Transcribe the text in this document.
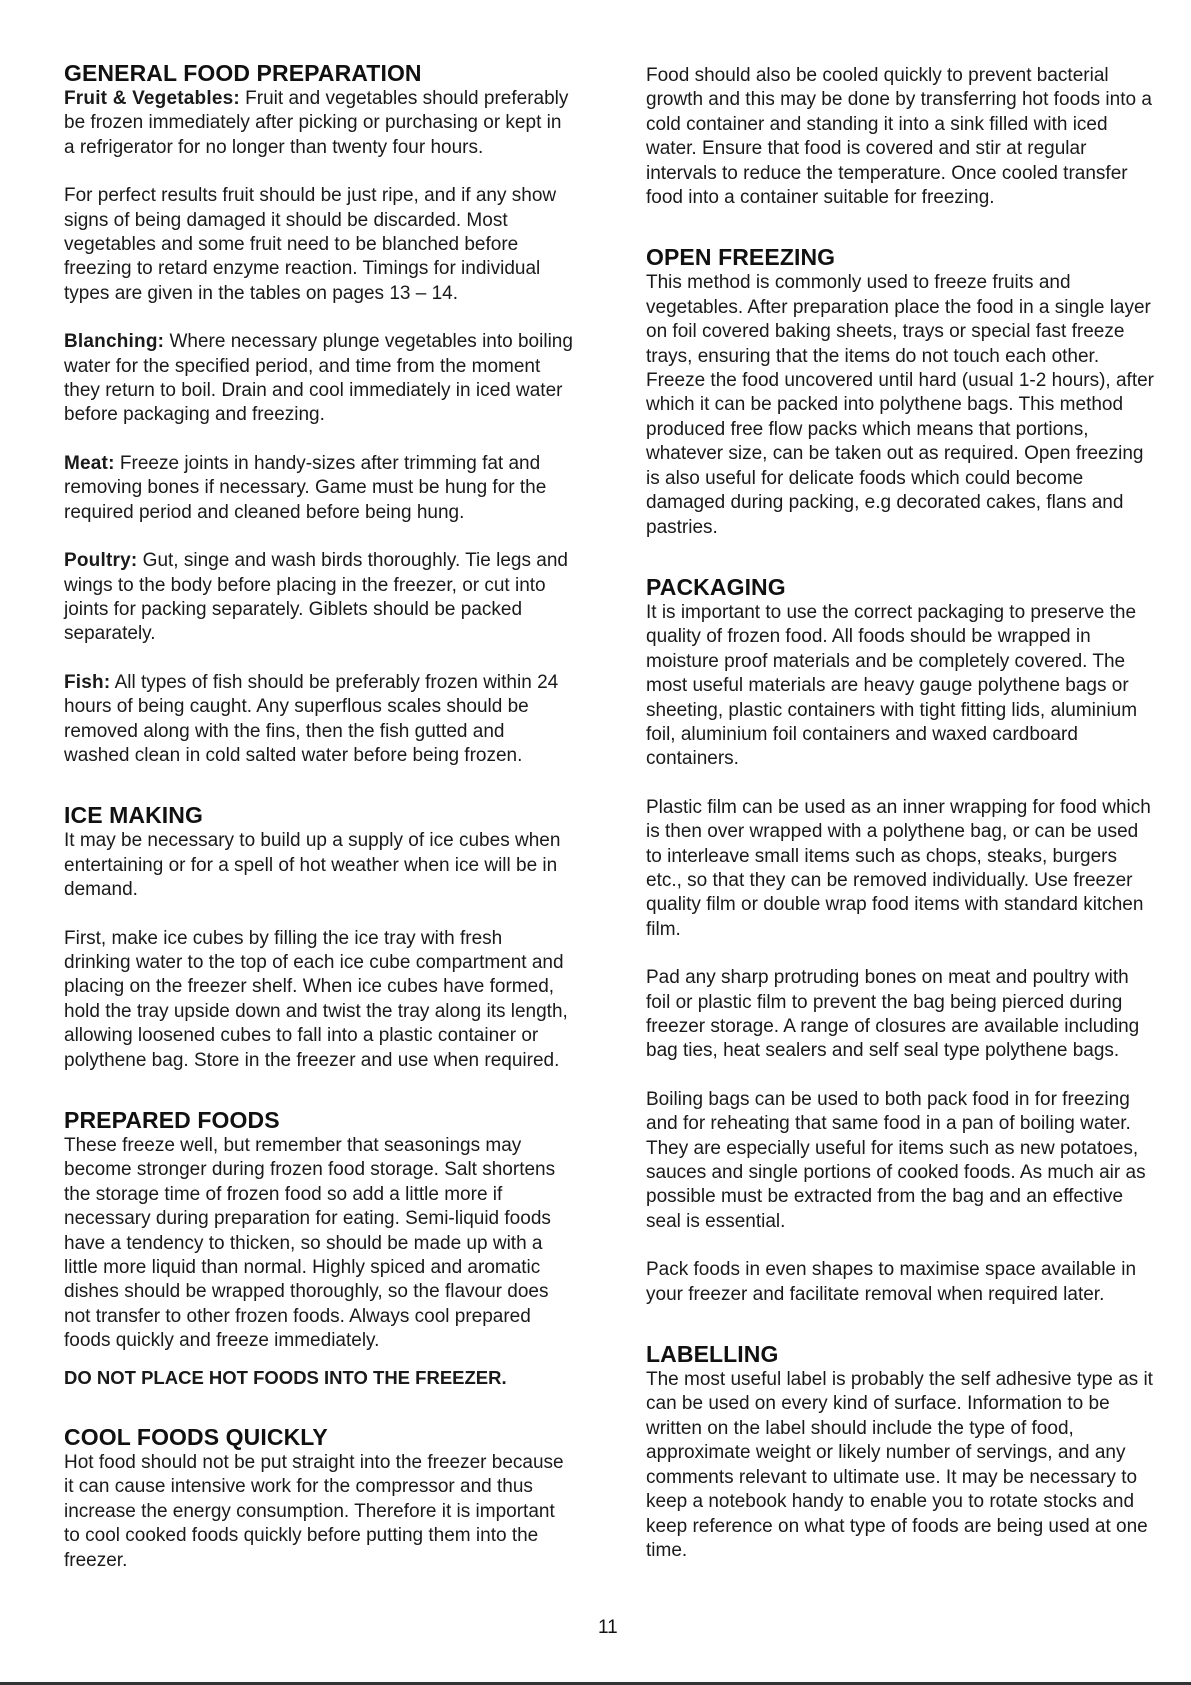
GENERAL FOOD PREPARATION

Fruit & Vegetables: Fruit and vegetables should preferably be frozen immediately after picking or purchasing or kept in a refrigerator for no longer than twenty four hours.

For perfect results fruit should be just ripe, and if any show signs of being damaged it should be discarded. Most vegetables and some fruit need to be blanched before freezing to retard enzyme reaction. Timings for individual types are given in the tables on pages 13 – 14.

Blanching: Where necessary plunge vegetables into boiling water for the specified period, and time from the moment they return to boil. Drain and cool immediately in iced water before packaging and freezing.

Meat: Freeze joints in handy-sizes after trimming fat and removing bones if necessary. Game must be hung for the required period and cleaned before being hung.

Poultry: Gut, singe and wash birds thoroughly. Tie legs and wings to the body before placing in the freezer, or cut into joints for packing separately. Giblets should be packed separately.

Fish: All types of fish should be preferably frozen within 24 hours of being caught. Any superflous scales should be removed along with the fins, then the fish gutted and washed clean in cold salted water before being frozen.

ICE MAKING

It may be necessary to build up a supply of ice cubes when entertaining or for a spell of hot weather when ice will be in demand.

First, make ice cubes by filling the ice tray with fresh drinking water to the top of each ice cube compartment and placing on the freezer shelf. When ice cubes have formed, hold the tray upside down and twist the tray along its length, allowing loosened cubes to fall into a plastic container or polythene bag. Store in the freezer and use when required.

PREPARED FOODS

These freeze well, but remember that seasonings may become stronger during frozen food storage. Salt shortens the storage time of frozen food so add a little more if necessary during preparation for eating. Semi-liquid foods have a tendency to thicken, so should be made up with a little more liquid than normal. Highly spiced and aromatic dishes should be wrapped thoroughly, so the flavour does not transfer to other frozen foods. Always cool prepared foods quickly and freeze immediately.

DO NOT PLACE HOT FOODS INTO THE FREEZER.

COOL FOODS QUICKLY

Hot food should not be put straight into the freezer because it can cause intensive work for the compressor and thus increase the energy consumption. Therefore it is important to cool cooked foods quickly before putting them into the freezer.

Food should also be cooled quickly to prevent bacterial growth and this may be done by transferring hot foods into a cold container and standing it into a sink filled with iced water. Ensure that food is covered and stir at regular intervals to reduce the temperature. Once cooled transfer food into a container suitable for freezing.

OPEN FREEZING

This method is commonly used to freeze fruits and vegetables. After preparation place the food in a single layer on foil covered baking sheets, trays or special fast freeze trays, ensuring that the items do not touch each other. Freeze the food uncovered until hard (usual 1-2 hours), after which it can be packed into polythene bags. This method produced free flow packs which means that portions, whatever size, can be taken out as required. Open freezing is also useful for delicate foods which could become damaged during packing, e.g decorated cakes, flans and pastries.

PACKAGING

It is important to use the correct packaging to preserve the quality of frozen food. All foods should be wrapped in moisture proof materials and be completely covered. The most useful materials are heavy gauge polythene bags or sheeting, plastic containers with tight fitting lids, aluminium foil, aluminium foil containers and waxed cardboard containers.

Plastic film can be used as an inner wrapping for food which is then over wrapped with a polythene bag, or can be used to interleave small items such as chops, steaks, burgers etc., so that they can be removed individually. Use freezer quality film or double wrap food items with standard kitchen film.

Pad any sharp protruding bones on meat and poultry with foil or plastic film to prevent the bag being pierced during freezer storage. A range of closures are available including bag ties, heat sealers and self seal type polythene bags.

Boiling bags can be used to both pack food in for freezing and for reheating that same food in a pan of boiling water. They are especially useful for items such as new potatoes, sauces and single portions of cooked foods. As much air as possible must be extracted from the bag and an effective seal is essential.

Pack foods in even shapes to maximise space available in your freezer and facilitate removal when required later.

LABELLING

The most useful label is probably the self adhesive type as it can be used on every kind of surface. Information to be written on the label should include the type of food, approximate weight or likely number of servings, and any comments relevant to ultimate use. It may be necessary to keep a notebook handy to enable you to rotate stocks and keep reference on what type of foods are being used at one time.

11
